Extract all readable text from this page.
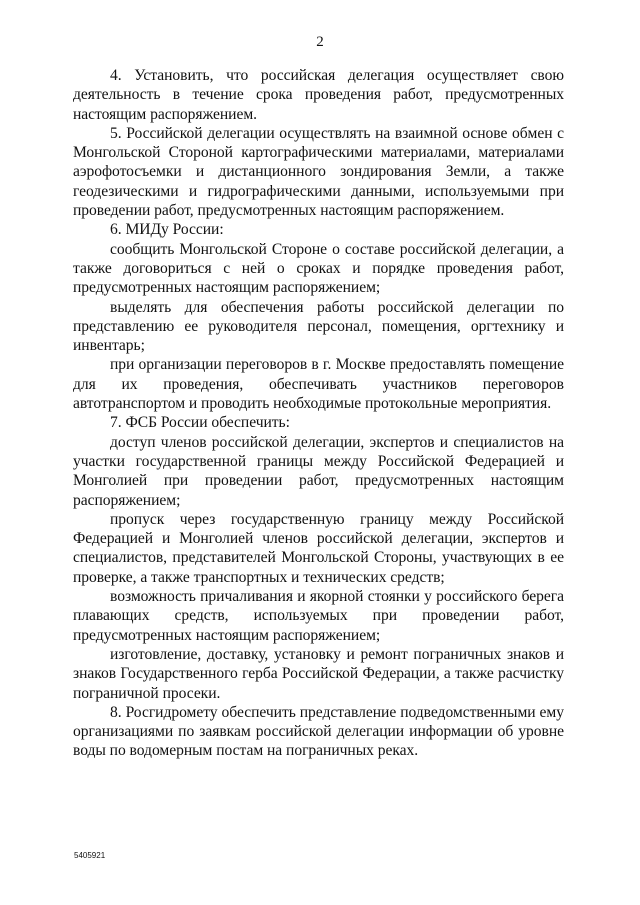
2

4. Установить, что российская делегация осуществляет свою деятельность в течение срока проведения работ, предусмотренных настоящим распоряжением.

5. Российской делегации осуществлять на взаимной основе обмен с Монгольской Стороной картографическими материалами, материалами аэрофотосъемки и дистанционного зондирования Земли, а также геодезическими и гидрографическими данными, используемыми при проведении работ, предусмотренных настоящим распоряжением.

6. МИДу России:

сообщить Монгольской Стороне о составе российской делегации, а также договориться с ней о сроках и порядке проведения работ, предусмотренных настоящим распоряжением;

выделять для обеспечения работы российской делегации по представлению ее руководителя персонал, помещения, оргтехнику и инвентарь;

при организации переговоров в г. Москве предоставлять помещение для их проведения, обеспечивать участников переговоров автотранспортом и проводить необходимые протокольные мероприятия.

7. ФСБ России обеспечить:

доступ членов российской делегации, экспертов и специалистов на участки государственной границы между Российской Федерацией и Монголией при проведении работ, предусмотренных настоящим распоряжением;

пропуск через государственную границу между Российской Федерацией и Монголией членов российской делегации, экспертов и специалистов, представителей Монгольской Стороны, участвующих в ее проверке, а также транспортных и технических средств;

возможность причаливания и якорной стоянки у российского берега плавающих средств, используемых при проведении работ, предусмотренных настоящим распоряжением;

изготовление, доставку, установку и ремонт пограничных знаков и знаков Государственного герба Российской Федерации, а также расчистку пограничной просеки.

8. Росгидромету обеспечить представление подведомственными ему организациями по заявкам российской делегации информации об уровне воды по водомерным постам на пограничных реках.

5405921
